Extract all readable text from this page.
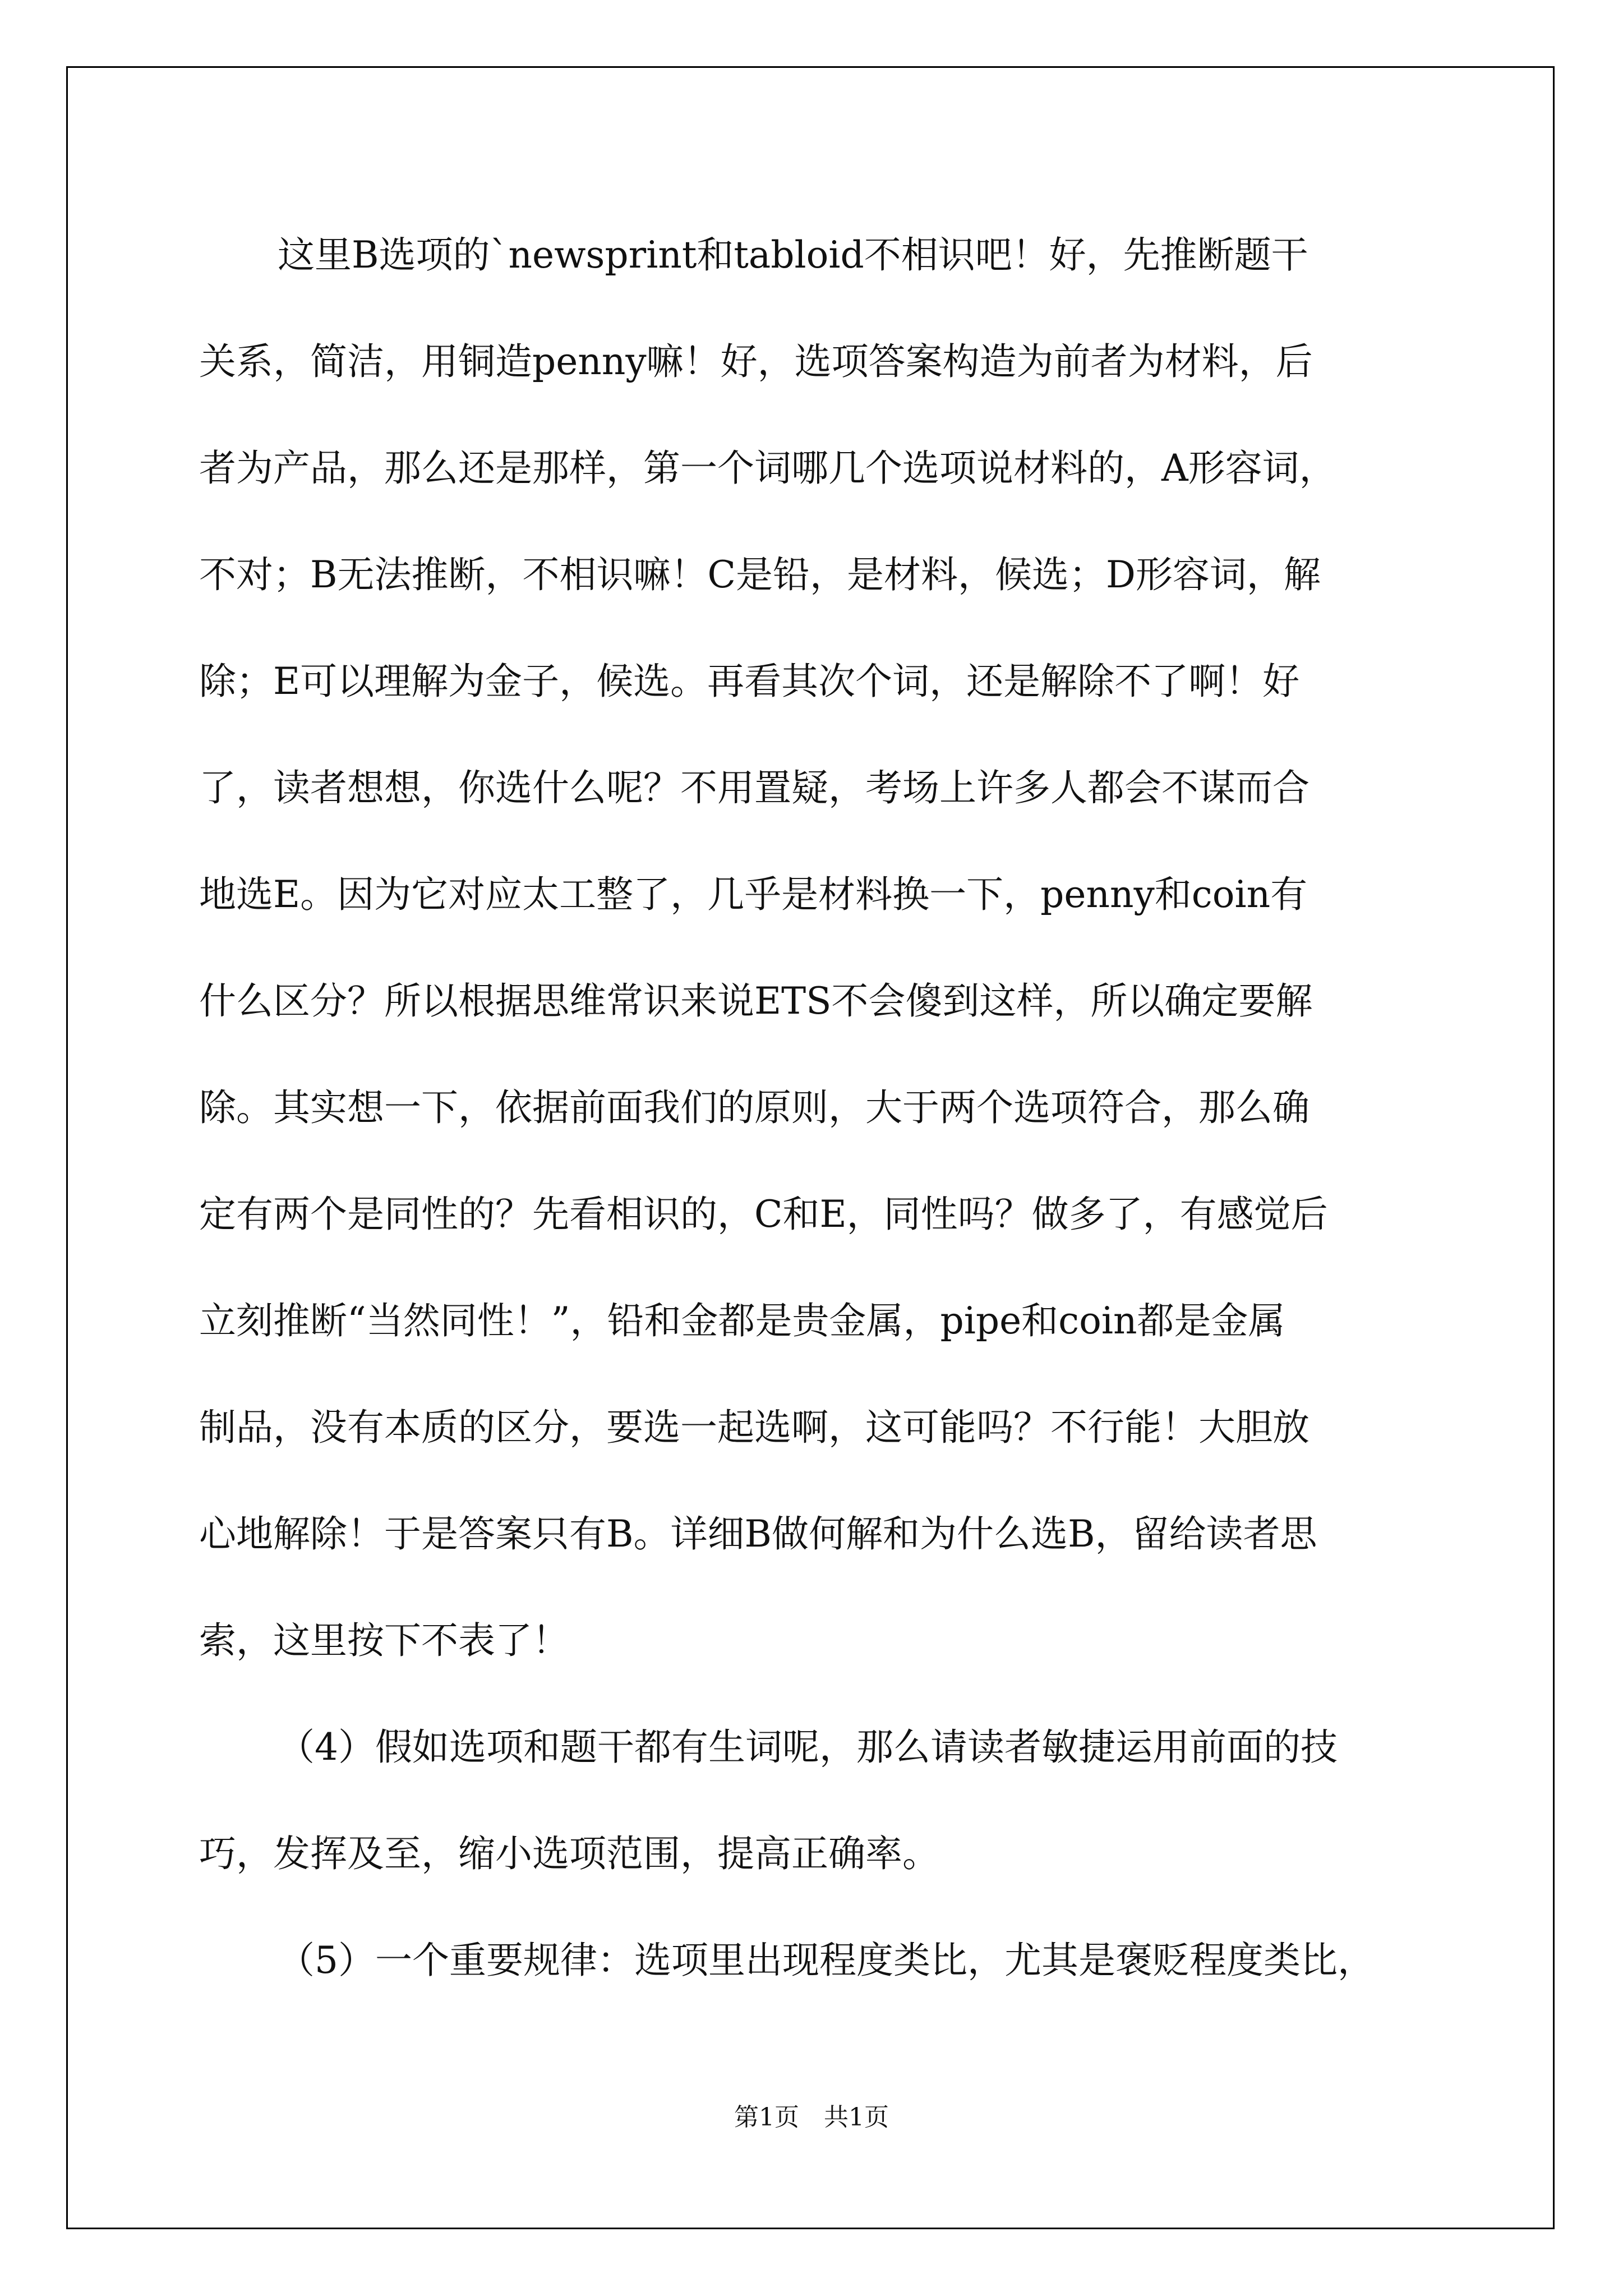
这里B选项的`newsprint和tabloid不相识吧！好，先推断题干
关系，简洁，用铜造penny嘛！好，选项答案构造为前者为材料，后
者为产品，那么还是那样，第一个词哪几个选项说材料的，A形容词，
不对；B无法推断，不相识嘛！C是铅，是材料，候选；D形容词，解
除；E可以理解为金子，候选。再看其次个词，还是解除不了啊！好
了，读者想想，你选什么呢？不用置疑，考场上许多人都会不谋而合
地选E。因为它对应太工整了，几乎是材料换一下，penny和coin有
什么区分？所以根据思维常识来说ETS不会傻到这样，所以确定要解
除。其实想一下，依据前面我们的原则，大于两个选项符合，那么确
定有两个是同性的？先看相识的，C和E，同性吗？做多了，有感觉后
立刻推断“当然同性！”，铅和金都是贵金属，pipe和coin都是金属
制品，没有本质的区分，要选一起选啊，这可能吗？不行能！大胆放
心地解除！于是答案只有B。详细B做何解和为什么选B，留给读者思
索，这里按下不表了！
（4）假如选项和题干都有生词呢，那么请读者敏捷运用前面的技
巧，发挥及至，缩小选项范围，提高正确率。
（5）一个重要规律：选项里出现程度类比，尤其是褒贬程度类比，
第1页　共1页
